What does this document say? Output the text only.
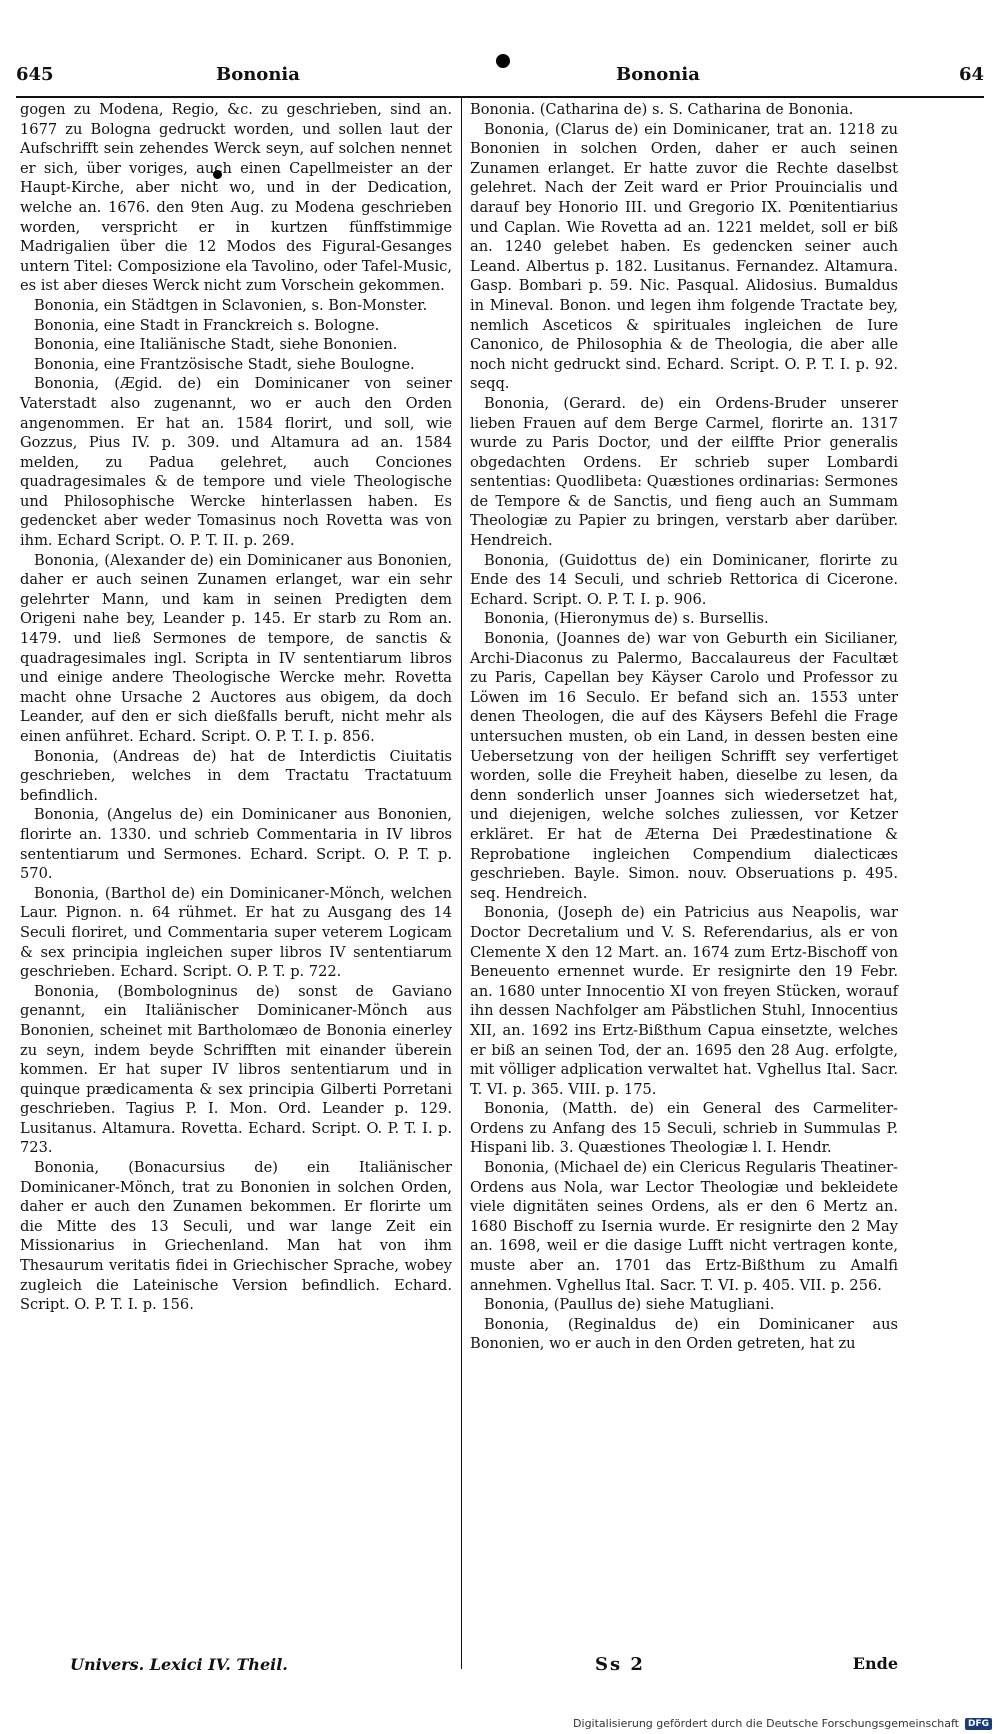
645	Bononia	Bononia	64

gogen zu Modena, Regio, &c. zu geschrieben, sind an. 1677 zu Bologna gedruckt worden, und sollen laut der Aufschrifft sein zehendes Werck seyn, auf solchen nennet er sich, über voriges, auch einen Capellmeister an der Haupt-Kirche, aber nicht wo, und in der Dedication, welche an. 1676. den 9ten Aug. zu Modena geschrieben worden, verspricht er in kurtzen fünffstimmige Madrigalien über die 12 Modos des Figural-Gesanges untern Titel: Composizione ela Tavolino, oder Tafel-Music, es ist aber dieses Werck nicht zum Vorschein gekommen.

Bononia, ein Städtgen in Sclavonien, s. Bon-Monster.

Bononia, eine Stadt in Franckreich s. Bologne.

Bononia, eine Italiänische Stadt, siehe Bononien.

Bononia, eine Frantzösische Stadt, siehe Boulogne.

Bononia, (Ægid. de) ein Dominicaner von seiner Vaterstadt also zugenannt, wo er auch den Orden angenommen. Er hat an. 1584 florirt, und soll, wie Gozzus, Pius IV. p. 309. und Altamura ad an. 1584 melden, zu Padua gelehret, auch Conciones quadragesimales & de tempore und viele Theologische und Philosophische Wercke hinterlassen haben. Es gedencket aber weder Tomasinus noch Rovetta was von ihm. Echard Script. O. P. T. II. p. 269.

Bononia, (Alexander de) ein Dominicaner aus Bononien, daher er auch seinen Zunamen erlanget, war ein sehr gelehrter Mann, und kam in seinen Predigten dem Origeni nahe bey, Leander p. 145. Er starb zu Rom an. 1479. und ließ Sermones de tempore, de sanctis & quadragesimales ingl. Scripta in IV sententiarum libros und einige andere Theologische Wercke mehr. Rovetta macht ohne Ursache 2 Auctores aus obigem, da doch Leander, auf den er sich dießfalls beruft, nicht mehr als einen anführet. Echard. Script. O. P. T. I. p. 856.

Bononia, (Andreas de) hat de Interdictis Ciuitatis geschrieben, welches in dem Tractatu Tractatuum befindlich.

Bononia, (Angelus de) ein Dominicaner aus Bononien, florirte an. 1330. und schrieb Commentaria in IV libros sententiarum und Sermones. Echard. Script. O. P. T. p. 570.

Bononia, (Barthol de) ein Dominicaner-Mönch, welchen Laur. Pignon. n. 64 rühmet. Er hat zu Ausgang des 14 Seculi floriret, und Commentaria super veterem Logicam & sex principia ingleichen super libros IV sententiarum geschrieben. Echard. Script. O. P. T. p. 722.

Bononia, (Bombologninus de) sonst de Gaviano genannt, ein Italiänischer Dominicaner-Mönch aus Bononien, scheinet mit Bartholomæo de Bononia einerley zu seyn, indem beyde Schrifften mit einander überein kommen. Er hat super IV libros sententiarum und in quinque prædicamenta & sex principia Gilberti Porretani geschrieben. Tagius P. I. Mon. Ord. Leander p. 129. Lusitanus. Altamura. Rovetta. Echard. Script. O. P. T. I. p. 723.

Bononia, (Bonacursius de) ein Italiänischer Dominicaner-Mönch, trat zu Bononien in solchen Orden, daher er auch den Zunamen bekommen. Er florirte um die Mitte des 13 Seculi, und war lange Zeit ein Missionarius in Griechenland. Man hat von ihm Thesaurum veritatis fidei in Griechischer Sprache, wobey zugleich die Lateinische Version befindlich. Echard. Script. O. P. T. I. p. 156.

Bononia. (Catharina de) s. S. Catharina de Bononia.

Bononia, (Clarus de) ein Dominicaner, trat an. 1218 zu Bononien in solchen Orden, daher er auch seinen Zunamen erlanget. Er hatte zuvor die Rechte daselbst gelehret. Nach der Zeit ward er Prior Prouincialis und darauf bey Honorio III. und Gregorio IX. Pœnitentiarius und Caplan. Wie Rovetta ad an. 1221 meldet, soll er biß an. 1240 gelebet haben. Es gedencken seiner auch Leand. Albertus p. 182. Lusitanus. Fernandez. Altamura. Gasp. Bombari p. 59. Nic. Pasqual. Alidosius. Bumaldus in Mineval. Bonon. und legen ihm folgende Tractate bey, nemlich Asceticos & spirituales ingleichen de Iure Canonico, de Philosophia & de Theologia, die aber alle noch nicht gedruckt sind. Echard. Script. O. P. T. I. p. 92. seqq.

Bononia, (Gerard. de) ein Ordens-Bruder unserer lieben Frauen auf dem Berge Carmel, florirte an. 1317 wurde zu Paris Doctor, und der eilffte Prior generalis obgedachten Ordens. Er schrieb super Lombardi sententias: Quodlibeta: Quæstiones ordinarias: Sermones de Tempore & de Sanctis, und fieng auch an Summam Theologiæ zu Papier zu bringen, verstarb aber darüber. Hendreich.

Bononia, (Guidottus de) ein Dominicaner, florirte zu Ende des 14 Seculi, und schrieb Rettorica di Cicerone. Echard. Script. O. P. T. I. p. 906.

Bononia, (Hieronymus de) s. Bursellis.

Bononia, (Joannes de) war von Geburth ein Sicilianer, Archi-Diaconus zu Palermo, Baccalaureus der Facultæt zu Paris, Capellan bey Käyser Carolo und Professor zu Löwen im 16 Seculo. Er befand sich an. 1553 unter denen Theologen, die auf des Käysers Befehl die Frage untersuchen musten, ob ein Land, in dessen besten eine Uebersetzung von der heiligen Schrifft sey verfertiget worden, solle die Freyheit haben, dieselbe zu lesen, da denn sonderlich unser Joannes sich wiedersetzet hat, und diejenigen, welche solches zuliessen, vor Ketzer erkläret. Er hat de Æterna Dei Prædestinatione & Reprobatione ingleichen Compendium dialecticæs geschrieben. Bayle. Simon. nouv. Obseruations p. 495. seq. Hendreich.

Bononia, (Joseph de) ein Patricius aus Neapolis, war Doctor Decretalium und V. S. Referendarius, als er von Clemente X den 12 Mart. an. 1674 zum Ertz-Bischoff von Beneuento ernennet wurde. Er resignirte den 19 Febr. an. 1680 unter Innocentio XI von freyen Stücken, worauf ihn dessen Nachfolger am Päbstlichen Stuhl, Innocentius XII, an. 1692 ins Ertz-Bißthum Capua einsetzte, welches er biß an seinen Tod, der an. 1695 den 28 Aug. erfolgte, mit völliger adplication verwaltet hat. Vghellus Ital. Sacr. T. VI. p. 365. VIII. p. 175.

Bononia, (Matth. de) ein General des Carmeliter-Ordens zu Anfang des 15 Seculi, schrieb in Summulas P. Hispani lib. 3. Quæstiones Theologiæ l. I. Hendr.

Bononia, (Michael de) ein Clericus Regularis Theatiner-Ordens aus Nola, war Lector Theologiæ und bekleidete viele dignitäten seines Ordens, als er den 6 Mertz an. 1680 Bischoff zu Isernia wurde. Er resignirte den 2 May an. 1698, weil er die dasige Lufft nicht vertragen konte, muste aber an. 1701 das Ertz-Bißthum zu Amalfi annehmen. Vghellus Ital. Sacr. T. VI. p. 405. VII. p. 256.

Bononia, (Paullus de) siehe Matugliani.

Bononia, (Reginaldus de) ein Dominicaner aus Bononien, wo er auch in den Orden getreten, hat zu

Univers. Lexici IV. Theil.	Ss 2	Ende
Digitalisierung gefördert durch die Deutsche Forschungsgemeinschaft	DFG
